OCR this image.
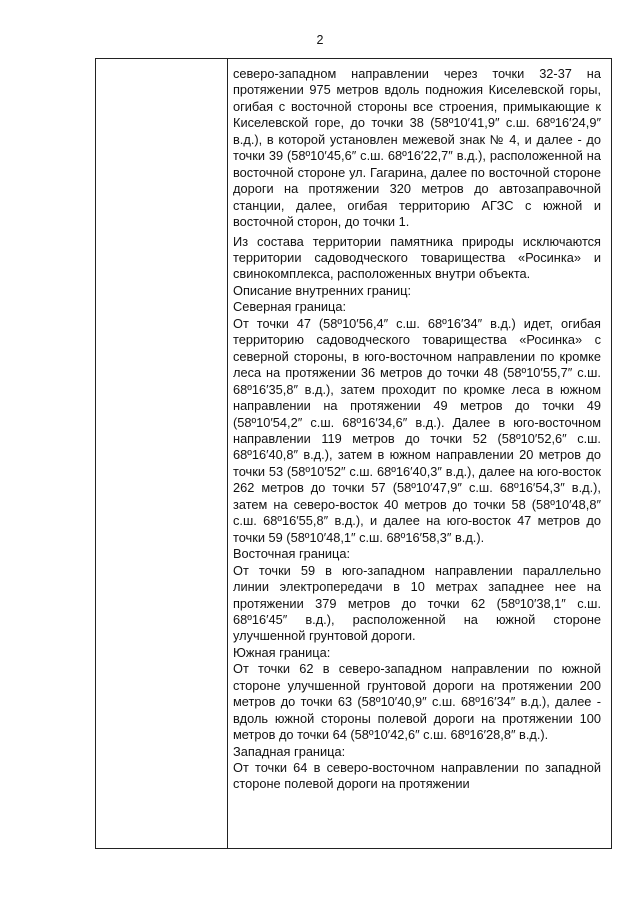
2

северо-западном направлении через точки 32-37 на протяжении 975 метров вдоль подножия Киселевской горы, огибая с восточной стороны все строения, примыкающие к Киселевской горе, до точки 38 (58º10′41,9″ с.ш. 68º16′24,9″ в.д.), в которой установлен межевой знак № 4, и далее - до точки 39 (58º10′45,6″ с.ш. 68º16′22,7″ в.д.), расположенной на восточной стороне ул. Гагарина, далее по восточной стороне дороги на протяжении 320 метров до автозаправочной станции, далее, огибая территорию АГЗС с южной и восточной сторон, до точки 1.

Из состава территории памятника природы исключаются территории садоводческого товарищества «Росинка» и свинокомплекса, расположенных внутри объекта.

Описание внутренних границ:

Северная граница:

От точки 47 (58º10′56,4″ с.ш. 68º16′34″ в.д.) идет, огибая территорию садоводческого товарищества «Росинка» с северной стороны, в юго-восточном направлении по кромке леса на протяжении 36 метров до точки 48 (58º10′55,7″ с.ш. 68º16′35,8″ в.д.), затем проходит по кромке леса в южном направлении на протяжении 49 метров до точки 49 (58º10′54,2″ с.ш. 68º16′34,6″ в.д.). Далее в юго-восточном направлении 119 метров до точки 52 (58º10′52,6″ с.ш. 68º16′40,8″ в.д.), затем в южном направлении 20 метров до точки 53 (58º10′52″ с.ш. 68º16′40,3″ в.д.), далее на юго-восток 262 метров до точки 57 (58º10′47,9″ с.ш. 68º16′54,3″ в.д.), затем на северо-восток 40 метров до точки 58 (58º10′48,8″ с.ш. 68º16′55,8″ в.д.), и далее на юго-восток 47 метров до точки 59 (58º10′48,1″ с.ш. 68º16′58,3″ в.д.).

Восточная граница:

От точки 59 в юго-западном направлении параллельно линии электропередачи в 10 метрах западнее нее на протяжении 379 метров до точки 62 (58º10′38,1″ с.ш. 68º16′45″ в.д.), расположенной на южной стороне улучшенной грунтовой дороги.

Южная граница:

От точки 62 в северо-западном направлении по южной стороне улучшенной грунтовой дороги на протяжении 200 метров до точки 63 (58º10′40,9″ с.ш. 68º16′34″ в.д.), далее - вдоль южной стороны полевой дороги на протяжении 100 метров до точки 64 (58º10′42,6″ с.ш. 68º16′28,8″ в.д.).

Западная граница:

От точки 64 в северо-восточном направлении по западной стороне полевой дороги на протяжении
